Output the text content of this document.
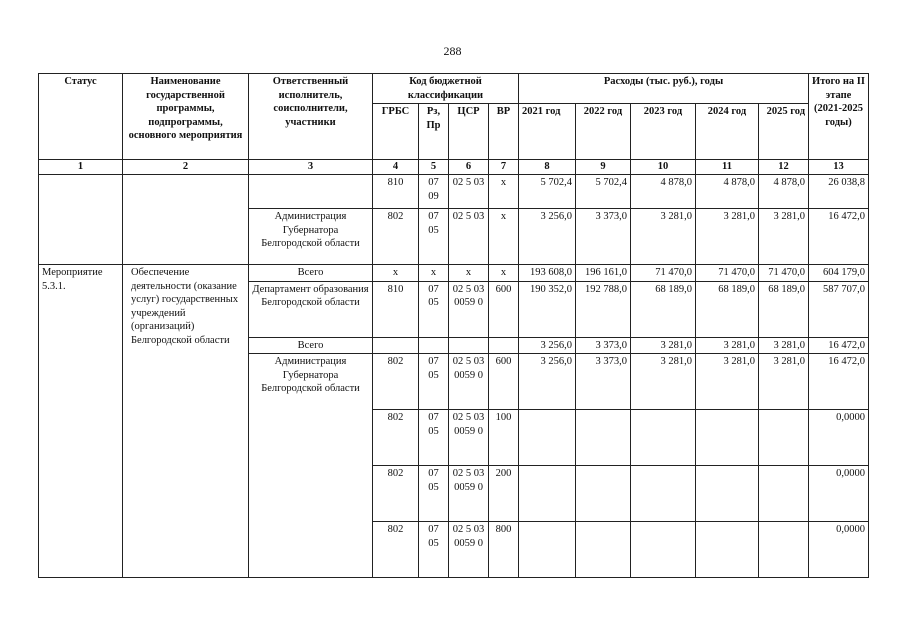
288
Статус	Наименование государственной программы, подпрограммы, основного мероприятия	Ответственный исполнитель, соисполнители, участники	Код бюджетной классификации				Расходы (тыс. руб.), годы					Итого на II этапе (2021-2025 годы)
			ГРБС	Рз, Пр	ЦСР	ВР	2021 год	2022 год	2023 год	2024 год	2025 год	
1	2	3	4	5	6	7	8	9	10	11	12	13
			810	07 09	02 5 03	х	5 702,4	5 702,4	4 878,0	4 878,0	4 878,0	26 038,8
		Администрация Губернатора Белгородской области	802	07 05	02 5 03	х	3 256,0	3 373,0	3 281,0	3 281,0	3 281,0	16 472,0
Мероприятие 5.3.1.	Обеспечение деятельности (оказание услуг) государственных учреждений (организаций) Белгородской области	Всего	х	х	х	х	193 608,0	196 161,0	71 470,0	71 470,0	71 470,0	604 179,0
		Департамент образования Белгородской области	810	07 05	02 5 03 0059 0	600	190 352,0	192 788,0	68 189,0	68 189,0	68 189,0	587 707,0
		Всего					3 256,0	3 373,0	3 281,0	3 281,0	3 281,0	16 472,0
		Администрация Губернатора Белгородской области	802	07 05	02 5 03 0059 0	600	3 256,0	3 373,0	3 281,0	3 281,0	3 281,0	16 472,0
			802	07 05	02 5 03 0059 0	100						0,0000
			802	07 05	02 5 03 0059 0	200						0,0000
			802	07 05	02 5 03 0059 0	800						0,0000
